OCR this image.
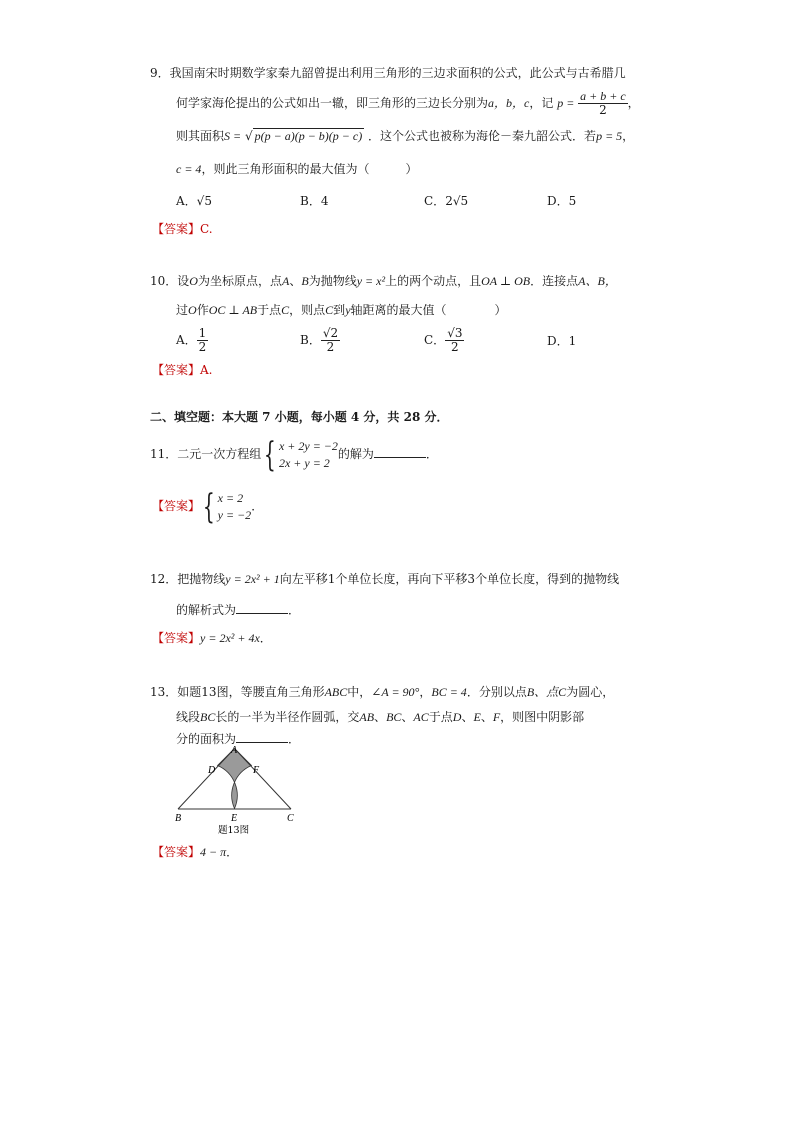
9．我国南宋时期数学家秦九韶曾提出利用三角形的三边求面积的公式，此公式与古希腊几
何学家海伦提出的公式如出一辙，即三角形的三边长分别为a，b，c，记 $p = \frac{a + b + c}{2}$ ，
则其面积S = √ p(p − a)(p − b)(p − c) ．这个公式也被称为海伦－秦九韶公式．若p = 5，
c = 4，则此三角形面积的最大值为（　　　）
A．√5	B．4	C．2√5	D．5
【答案】C.
10．设O为坐标原点，点A、B为抛物线y = x²上的两个动点，且OA ⊥ OB．连接点A、B，
过O作OC ⊥ AB于点C，则点C到y轴距离的最大值（　　　　）
A． $\frac{1}{2}$	B． $\frac{√2}{2}$	C． $\frac{√3}{2}$	D．1
【答案】A.
二、填空题：本大题 7 小题，每小题 4 分，共 28 分．
11．二元一次方程组{ x + 2y = −2
2x + y = 2
的解为	．
【答案】{ x = 2
y = −2
．
12．把抛物线y = 2x² + 1向左平移1个单位长度，再向下平移3个单位长度，得到的抛物线
的解析式为	．
【答案】y = 2x² + 4x．
13．如题13图，等腰直角三角形ABC中，∠A = 90°，BC = 4．分别以点B、点C为圆心，
线段BC长的一半为半径作圆弧，交AB、BC、AC于点D、E、F，则图中阴影部
分的面积为	．
A
D	F
B	E	C
题13图
【答案】4 − π．
